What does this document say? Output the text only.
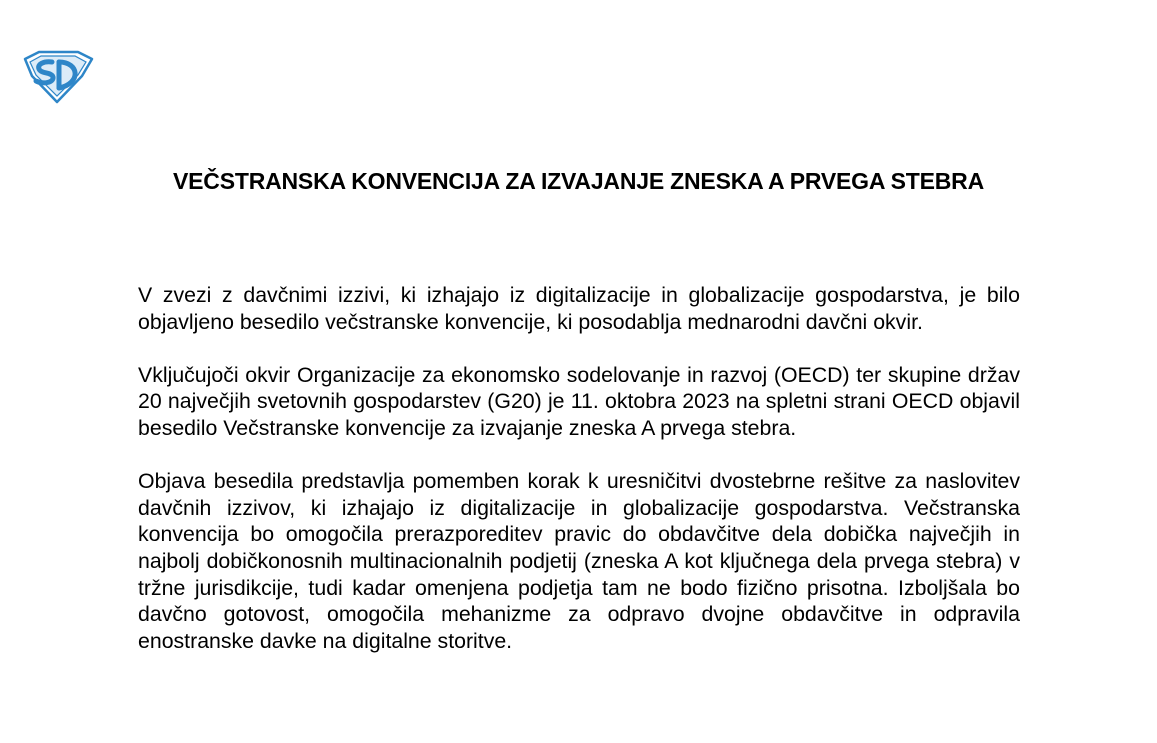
VEČSTRANSKA KONVENCIJA ZA IZVAJANJE ZNESKA A PRVEGA STEBRA

V zvezi z davčnimi izzivi, ki izhajajo iz digitalizacije in globalizacije gospodarstva, je bilo objavljeno besedilo večstranske konvencije, ki posodablja mednarodni davčni okvir.

Vključujoči okvir Organizacije za ekonomsko sodelovanje in razvoj (OECD) ter skupine držav 20 največjih svetovnih gospodarstev (G20) je 11. oktobra 2023 na spletni strani OECD objavil besedilo Večstranske konvencije za izvajanje zneska A prvega stebra.

Objava besedila predstavlja pomemben korak k uresničitvi dvostebrne rešitve za naslovitev davčnih izzivov, ki izhajajo iz digitalizacije in globalizacije gospodarstva. Večstranska konvencija bo omogočila prerazporeditev pravic do obdavčitve dela dobička največjih in najbolj dobičkonosnih multinacionalnih podjetij (zneska A kot ključnega dela prvega stebra) v tržne jurisdikcije, tudi kadar omenjena podjetja tam ne bodo fizično prisotna. Izboljšala bo davčno gotovost, omogočila mehanizme za odpravo dvojne obdavčitve in odpravila enostranske davke na digitalne storitve.
